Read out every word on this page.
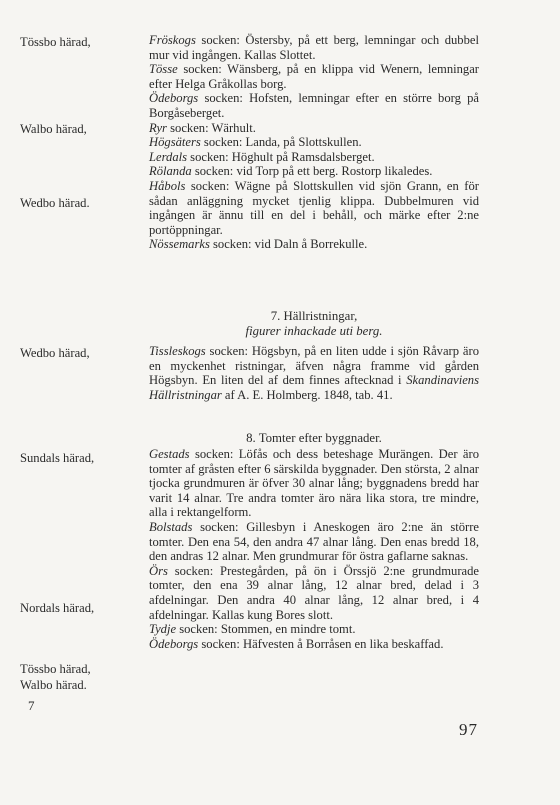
Tössbo härad,
Walbo härad,
Wedbo härad.
Wedbo härad,
Sundals härad,
Nordals härad,
Tössbo härad,
Walbo härad.

Fröskogs socken: Östersby, på ett berg, lemningar och dubbel mur vid ingången. Kallas Slottet.

Tösse socken: Wänsberg, på en klippa vid Wenern, lemningar efter Helga Gråkollas borg.

Ödeborgs socken: Hofsten, lemningar efter en större borg på Borgåseberget.

Ryr socken: Wärhult.

Högsäters socken: Landa, på Slottskullen.

Lerdals socken: Höghult på Ramsdalsberget.

Rölanda socken: vid Torp på ett berg. Rostorp likaledes.

Håbols socken: Wägne på Slottskullen vid sjön Grann, en för sådan anläggning mycket tjenlig klippa. Dubbelmuren vid ingången är ännu till en del i behåll, och märke efter 2:ne portöppningar.

Nössemarks socken: vid Daln å Borrekulle.

7. Hällristningar,
figurer inhackade uti berg.

Tissleskogs socken: Högsbyn, på en liten udde i sjön Råvarp äro en myckenhet ristningar, äfven några framme vid gården Högsbyn. En liten del af dem finnes aftecknad i Skandinaviens Hällristningar af A. E. Holmberg. 1848, tab. 41.

8. Tomter efter byggnader.

Gestads socken: Löfås och dess beteshage Murängen. Der äro tomter af gråsten efter 6 särskilda byggnader. Den största, 2 alnar tjocka grundmuren är öfver 30 alnar lång; byggnadens bredd har varit 14 alnar. Tre andra tomter äro nära lika stora, tre mindre, alla i rektangelform.

Bolstads socken: Gillesbyn i Aneskogen äro 2:ne än större tomter. Den ena 54, den andra 47 alnar lång. Den enas bredd 18, den andras 12 alnar. Men grundmurar för östra gaflarne saknas.

Örs socken: Prestegården, på ön i Örssjö 2:ne grundmurade tomter, den ena 39 alnar lång, 12 alnar bred, delad i 3 afdelningar. Den andra 40 alnar lång, 12 alnar bred, i 4 afdelningar. Kallas kung Bores slott.

Tydje socken: Stommen, en mindre tomt.

Ödeborgs socken: Häfvesten å Borråsen en lika beskaffad.

7
97
